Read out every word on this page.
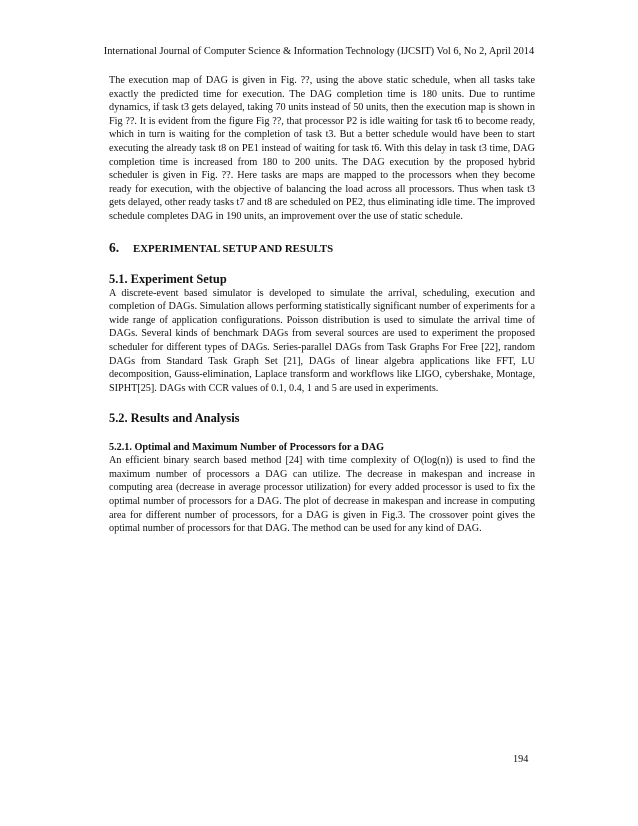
International Journal of Computer Science & Information Technology (IJCSIT) Vol 6, No 2, April 2014

The execution map of DAG is given in Fig. ??, using the above static schedule, when all tasks take exactly the predicted time for execution. The DAG completion time is 180 units. Due to runtime dynamics, if task t3 gets delayed, taking 70 units instead of 50 units, then the execution map is shown in Fig ??. It is evident from the figure Fig ??, that processor P2 is idle waiting for task t6 to become ready, which in turn is waiting for the completion of task t3. But a better schedule would have been to start executing the already task t8 on PE1 instead of waiting for task t6. With this delay in task t3 time, DAG completion time is increased from 180 to 200 units. The DAG execution by the proposed hybrid scheduler is given in Fig. ??. Here tasks are maps are mapped to the processors when they become ready for execution, with the objective of balancing the load across all processors. Thus when task t3 gets delayed, other ready tasks t7 and t8 are scheduled on PE2, thus eliminating idle time. The improved schedule completes DAG in 190 units, an improvement over the use of static schedule.

6. EXPERIMENTAL SETUP AND RESULTS
5.1. Experiment Setup

A discrete-event based simulator is developed to simulate the arrival, scheduling, execution and completion of DAGs. Simulation allows performing statistically significant number of experiments for a wide range of application configurations. Poisson distribution is used to simulate the arrival time of DAGs. Several kinds of benchmark DAGs from several sources are used to experiment the proposed scheduler for different types of DAGs. Series-parallel DAGs from Task Graphs For Free [22], random DAGs from Standard Task Graph Set [21], DAGs of linear algebra applications like FFT, LU decomposition, Gauss-elimination, Laplace transform and workflows like LIGO, cybershake, Montage, SIPHT[25]. DAGs with CCR values of 0.1, 0.4, 1 and 5 are used in experiments.

5.2. Results and Analysis
5.2.1. Optimal and Maximum Number of Processors for a DAG

An efficient binary search based method [24] with time complexity of O(log(n)) is used to find the maximum number of processors a DAG can utilize. The decrease in makespan and increase in computing area (decrease in average processor utilization) for every added processor is used to fix the optimal number of processors for a DAG. The plot of decrease in makespan and increase in computing area for different number of processors, for a DAG is given in Fig.3. The crossover point gives the optimal number of processors for that DAG. The method can be used for any kind of DAG.

194
